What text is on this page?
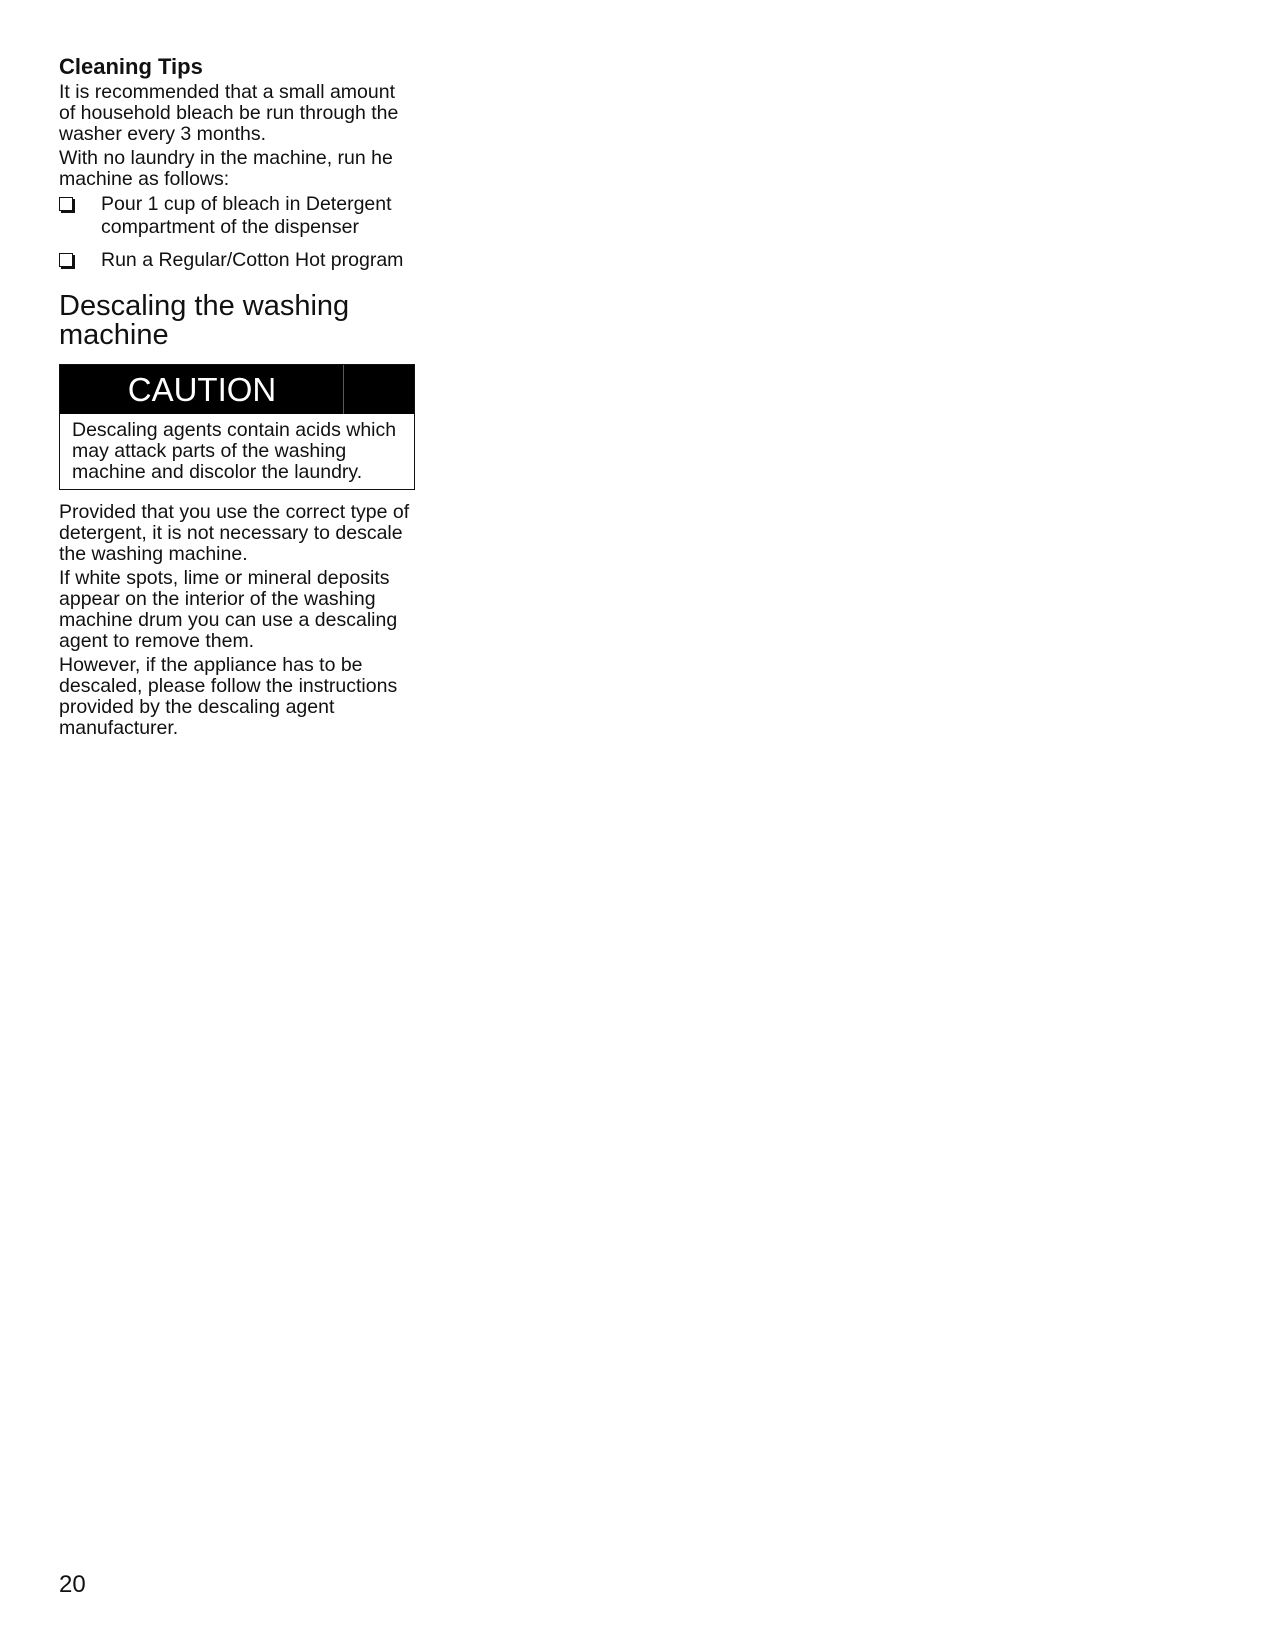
Cleaning Tips

It is recommended that a small amount of household bleach be run through the washer every 3 months.

With no laundry in the machine, run he machine as follows:

Pour 1 cup of bleach in Detergent compartment of the dispenser
Run a Regular/Cotton Hot program
Descaling the washing machine
CAUTION
Descaling agents contain acids which may attack parts of the washing machine and discolor the laundry.

Provided that you use the correct type of detergent, it is not necessary to descale the washing machine.

If white spots, lime or mineral deposits appear on the interior of the washing machine drum you can use a descaling agent to remove them.

However, if the appliance has to be descaled, please follow the instructions provided by the descaling agent manufacturer.

20
